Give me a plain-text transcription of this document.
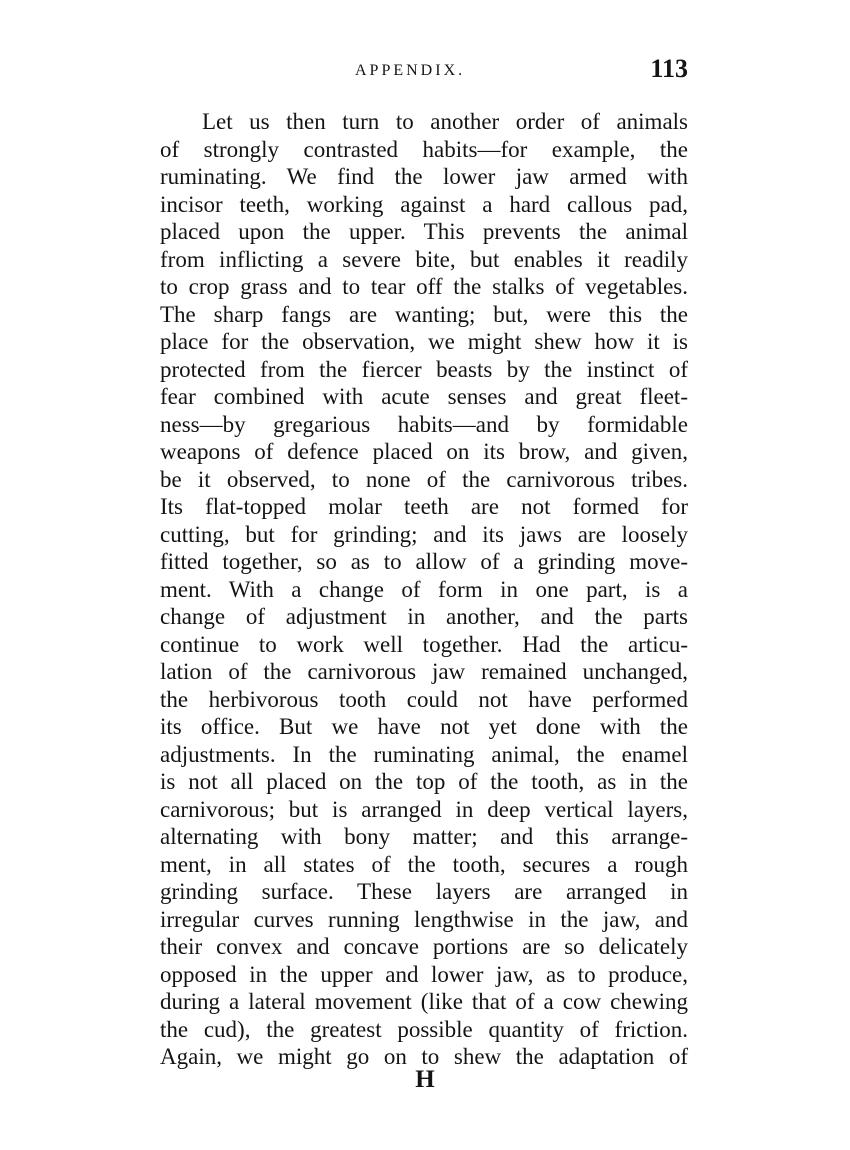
APPENDIX.	113
Let us then turn to another order of animals
of strongly contrasted habits—for example, the
ruminating. We find the lower jaw armed with
incisor teeth, working against a hard callous pad,
placed upon the upper. This prevents the animal
from inflicting a severe bite, but enables it readily
to crop grass and to tear off the stalks of vegetables.
The sharp fangs are wanting; but, were this the
place for the observation, we might shew how it is
protected from the fiercer beasts by the instinct of
fear combined with acute senses and great fleet-
ness—by gregarious habits—and by formidable
weapons of defence placed on its brow, and given,
be it observed, to none of the carnivorous tribes.
Its flat-topped molar teeth are not formed for
cutting, but for grinding; and its jaws are loosely
fitted together, so as to allow of a grinding move-
ment. With a change of form in one part, is a
change of adjustment in another, and the parts
continue to work well together. Had the articu-
lation of the carnivorous jaw remained unchanged,
the herbivorous tooth could not have performed
its office. But we have not yet done with the
adjustments. In the ruminating animal, the enamel
is not all placed on the top of the tooth, as in the
carnivorous; but is arranged in deep vertical layers,
alternating with bony matter; and this arrange-
ment, in all states of the tooth, secures a rough
grinding surface. These layers are arranged in
irregular curves running lengthwise in the jaw, and
their convex and concave portions are so delicately
opposed in the upper and lower jaw, as to produce,
during a lateral movement (like that of a cow chewing
the cud), the greatest possible quantity of friction.
Again, we might go on to shew the adaptation of
H
